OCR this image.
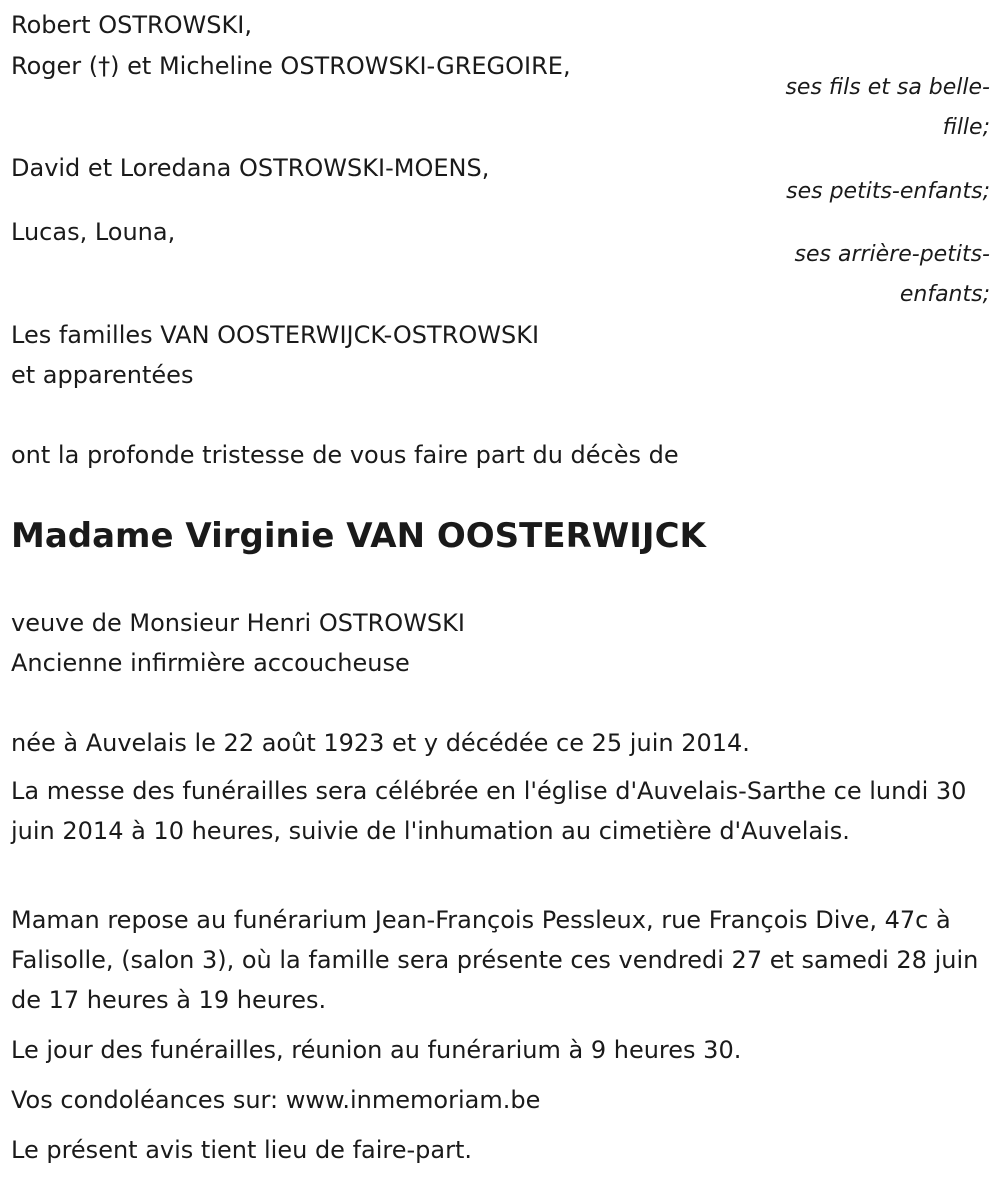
Robert OSTROWSKI,

Roger (†) et Micheline OSTROWSKI-GREGOIRE,

ses fils et sa belle-

fille;

David et Loredana OSTROWSKI-MOENS,

ses petits-enfants;

Lucas, Louna,

ses arrière-petits-

enfants;

Les familles VAN OOSTERWIJCK-OSTROWSKI

et apparentées

ont la profonde tristesse de vous faire part du décès de

Madame Virginie VAN OOSTERWIJCK

veuve de Monsieur Henri OSTROWSKI

Ancienne infirmière accoucheuse

née à Auvelais le 22 août 1923 et y décédée ce 25 juin 2014.

La messe des funérailles sera célébrée en l'église d'Auvelais-Sarthe ce lundi 30 juin 2014 à 10 heures, suivie de l'inhumation au cimetière d'Auvelais.

Maman repose au funérarium Jean-François Pessleux, rue François Dive, 47c à Falisolle, (salon 3), où la famille sera présente ces vendredi 27 et samedi 28 juin de 17 heures à 19 heures.

Le jour des funérailles, réunion au funérarium à 9 heures 30.

Vos condoléances sur: www.inmemoriam.be

Le présent avis tient lieu de faire-part.
